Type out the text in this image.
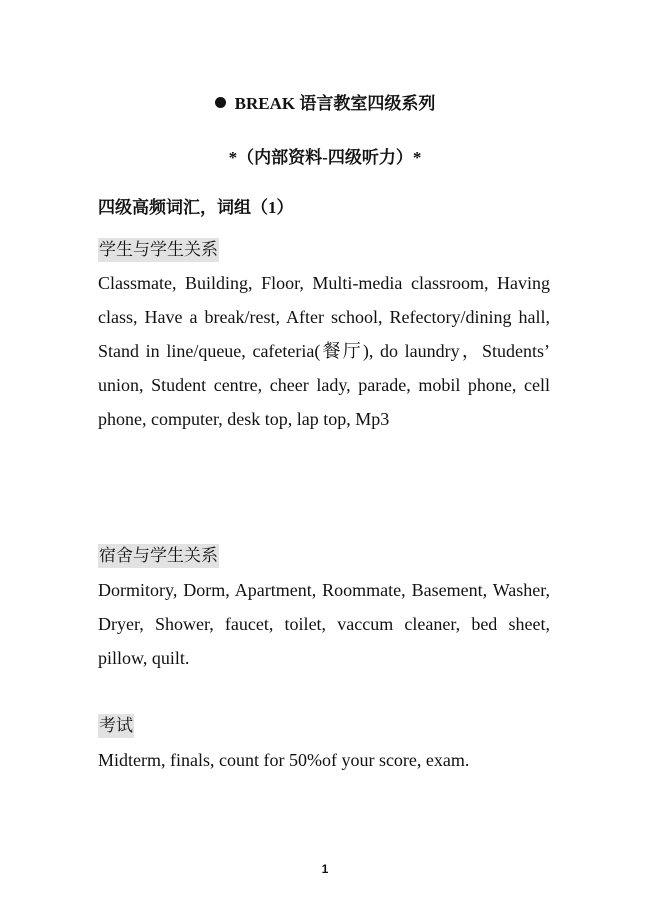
BREAK 语言教室四级系列
*（内部资料-四级听力）*
四级高频词汇，词组（1）
学生与学生关系
Classmate, Building, Floor, Multi-media classroom, Having class, Have a break/rest, After school, Refectory/dining hall, Stand in line/queue, cafeteria(餐厅), do laundry，Students’ union, Student centre, cheer lady, parade, mobil phone, cell phone, computer, desk top, lap top, Mp3
宿舍与学生关系
Dormitory, Dorm, Apartment, Roommate, Basement, Washer, Dryer, Shower, faucet, toilet, vaccum cleaner, bed sheet, pillow, quilt.
考试
Midterm, finals, count for 50%of your score, exam.
1
